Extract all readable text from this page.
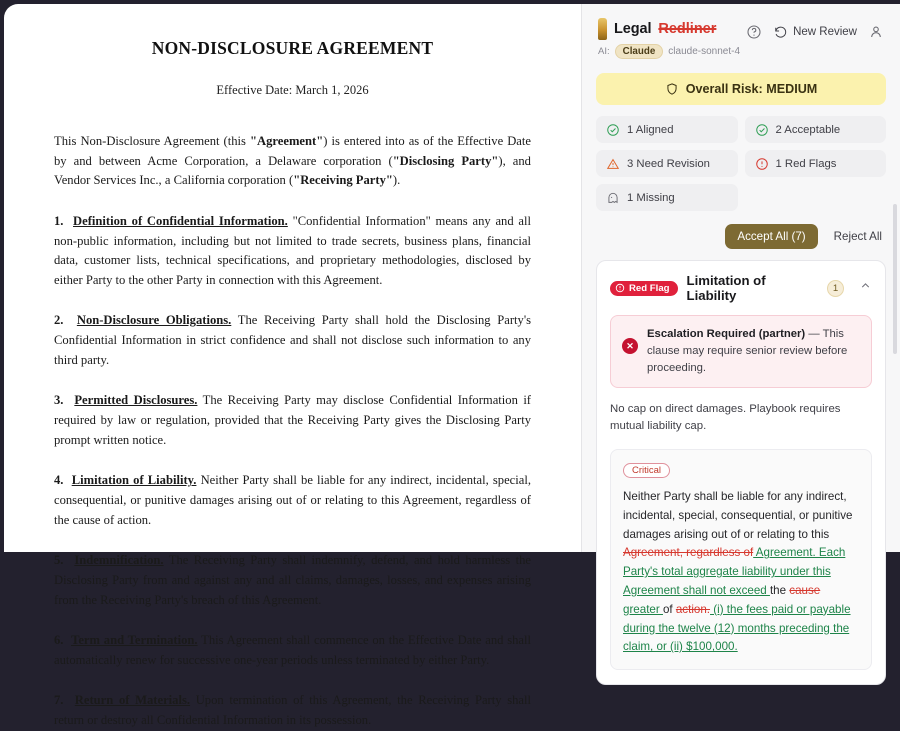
NON-DISCLOSURE AGREEMENT
Effective Date: March 1, 2026

This Non-Disclosure Agreement (this "Agreement") is entered into as of the Effective Date by and between Acme Corporation, a Delaware corporation ("Disclosing Party"), and Vendor Services Inc., a California corporation ("Receiving Party").

1. Definition of Confidential Information. "Confidential Information" means any and all non-public information, including but not limited to trade secrets, business plans, financial data, customer lists, technical specifications, and proprietary methodologies, disclosed by either Party to the other Party in connection with this Agreement.

2. Non-Disclosure Obligations. The Receiving Party shall hold the Disclosing Party's Confidential Information in strict confidence and shall not disclose such information to any third party.

3. Permitted Disclosures. The Receiving Party may disclose Confidential Information if required by law or regulation, provided that the Receiving Party gives the Disclosing Party prompt written notice.

4. Limitation of Liability. Neither Party shall be liable for any indirect, incidental, special, consequential, or punitive damages arising out of or relating to this Agreement, regardless of the cause of action.

5. Indemnification. The Receiving Party shall indemnify, defend, and hold harmless the Disclosing Party from and against any and all claims, damages, losses, and expenses arising from the Receiving Party's breach of this Agreement.

6. Term and Termination. This Agreement shall commence on the Effective Date and shall automatically renew for successive one-year periods unless terminated by either Party.

7. Return of Materials. Upon termination of this Agreement, the Receiving Party shall return or destroy all Confidential Information in its possession.

Legal Redliner
AI:	Claude	claude-sonnet-4
New Review
Overall Risk: MEDIUM
1 Aligned	2 Acceptable
3 Need Revision	1 Red Flags
1 Missing
Accept All (7)	Reject All
Red Flag Limitation of Liability	1
✕
Escalation Required (partner) — This clause may require senior review before proceeding.
No cap on direct damages. Playbook requires mutual liability cap.
Critical
Neither Party shall be liable for any indirect, incidental, special, consequential, or punitive damages arising out of or relating to this Agreement, regardless of Agreement. Each Party's total aggregate liability under this Agreement shall not exceed the cause greater of action. (i) the fees paid or payable during the twelve (12) months preceding the claim, or (ii) $100,000.
